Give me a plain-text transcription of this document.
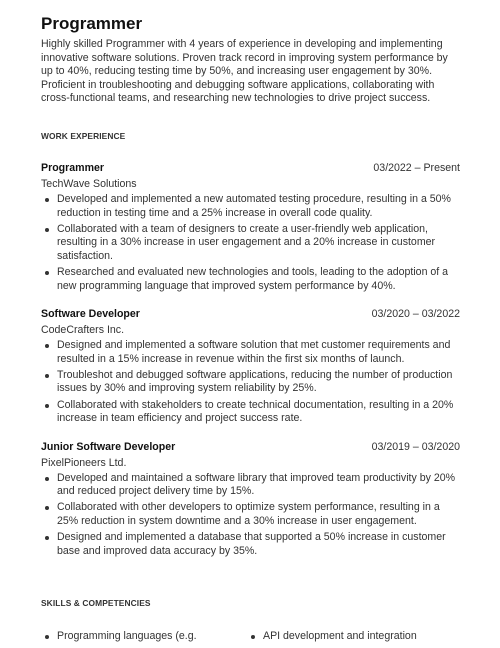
Programmer

Highly skilled Programmer with 4 years of experience in developing and implementing innovative software solutions. Proven track record in improving system performance by up to 40%, reducing testing time by 50%, and increasing user engagement by 30%. Proficient in troubleshooting and debugging software applications, collaborating with cross-functional teams, and researching new technologies to drive project success.

WORK EXPERIENCE
Programmer	03/2022 – Present
TechWave Solutions
Developed and implemented a new automated testing procedure, resulting in a 50% reduction in testing time and a 25% increase in overall code quality.
Collaborated with a team of designers to create a user-friendly web application, resulting in a 30% increase in user engagement and a 20% increase in customer satisfaction.
Researched and evaluated new technologies and tools, leading to the adoption of a new programming language that improved system performance by 40%.
Software Developer	03/2020 – 03/2022
CodeCrafters Inc.
Designed and implemented a software solution that met customer requirements and resulted in a 15% increase in revenue within the first six months of launch.
Troubleshot and debugged software applications, reducing the number of production issues by 30% and improving system reliability by 25%.
Collaborated with stakeholders to create technical documentation, resulting in a 20% increase in team efficiency and project success rate.
Junior Software Developer	03/2019 – 03/2020
PixelPioneers Ltd.
Developed and maintained a software library that improved team productivity by 20% and reduced project delivery time by 15%.
Collaborated with other developers to optimize system performance, resulting in a 25% reduction in system downtime and a 30% increase in user engagement.
Designed and implemented a database that supported a 50% increase in customer base and improved data accuracy by 35%.
SKILLS & COMPETENCIES
Programming languages (e.g.	API development and integration
